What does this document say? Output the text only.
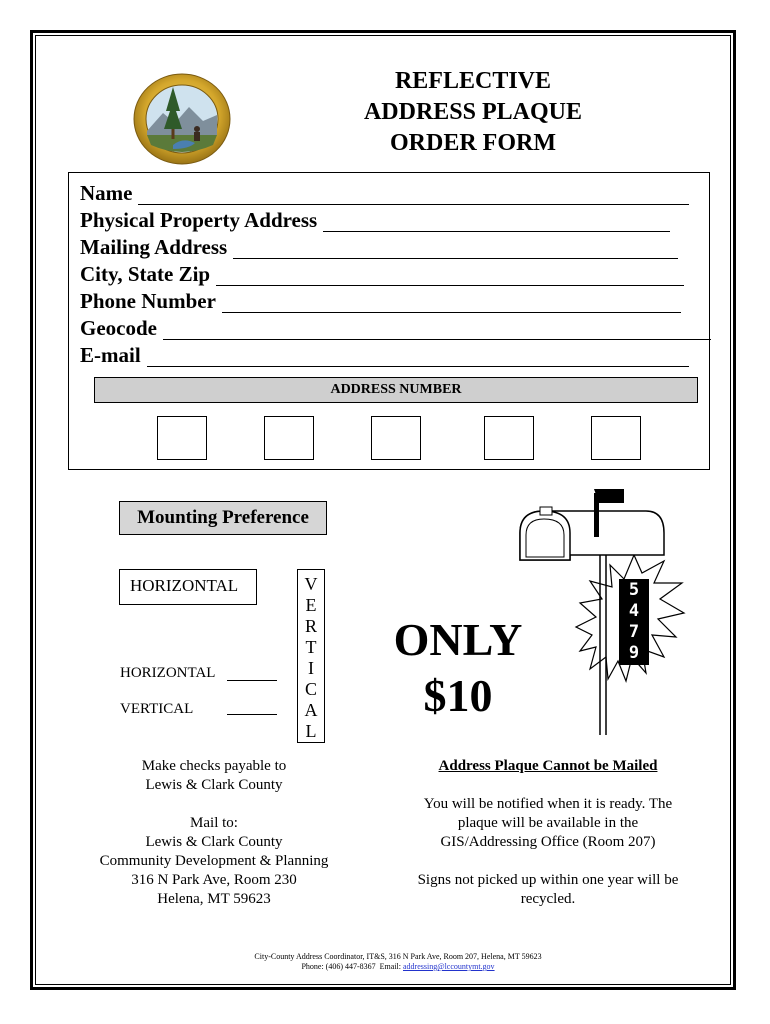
REFLECTIVE
ADDRESS PLAQUE
ORDER FORM
Name
Physical Property Address
Mailing Address
City, State Zip
Phone Number
Geocode
E-mail
ADDRESS NUMBER
Mounting Preference
HORIZONTAL	V
E
R
T
I
C
A
L
HORIZONTAL
VERTICAL
ONLY
$10
5
4
7
9
Make checks payable to
Lewis & Clark County
Mail to:
Lewis & Clark County
Community Development & Planning
316 N Park Ave, Room 230
Helena, MT 59623
Address Plaque Cannot be Mailed
You will be notified when it is ready. The
plaque will be available in the
GIS/Addressing Office (Room 207)
Signs not picked up within one year will be
recycled.
City-County Address Coordinator, IT&S, 316 N Park Ave, Room 207, Helena, MT 59623
Phone: (406) 447-8367 Email: addressing@lccountymt.gov
